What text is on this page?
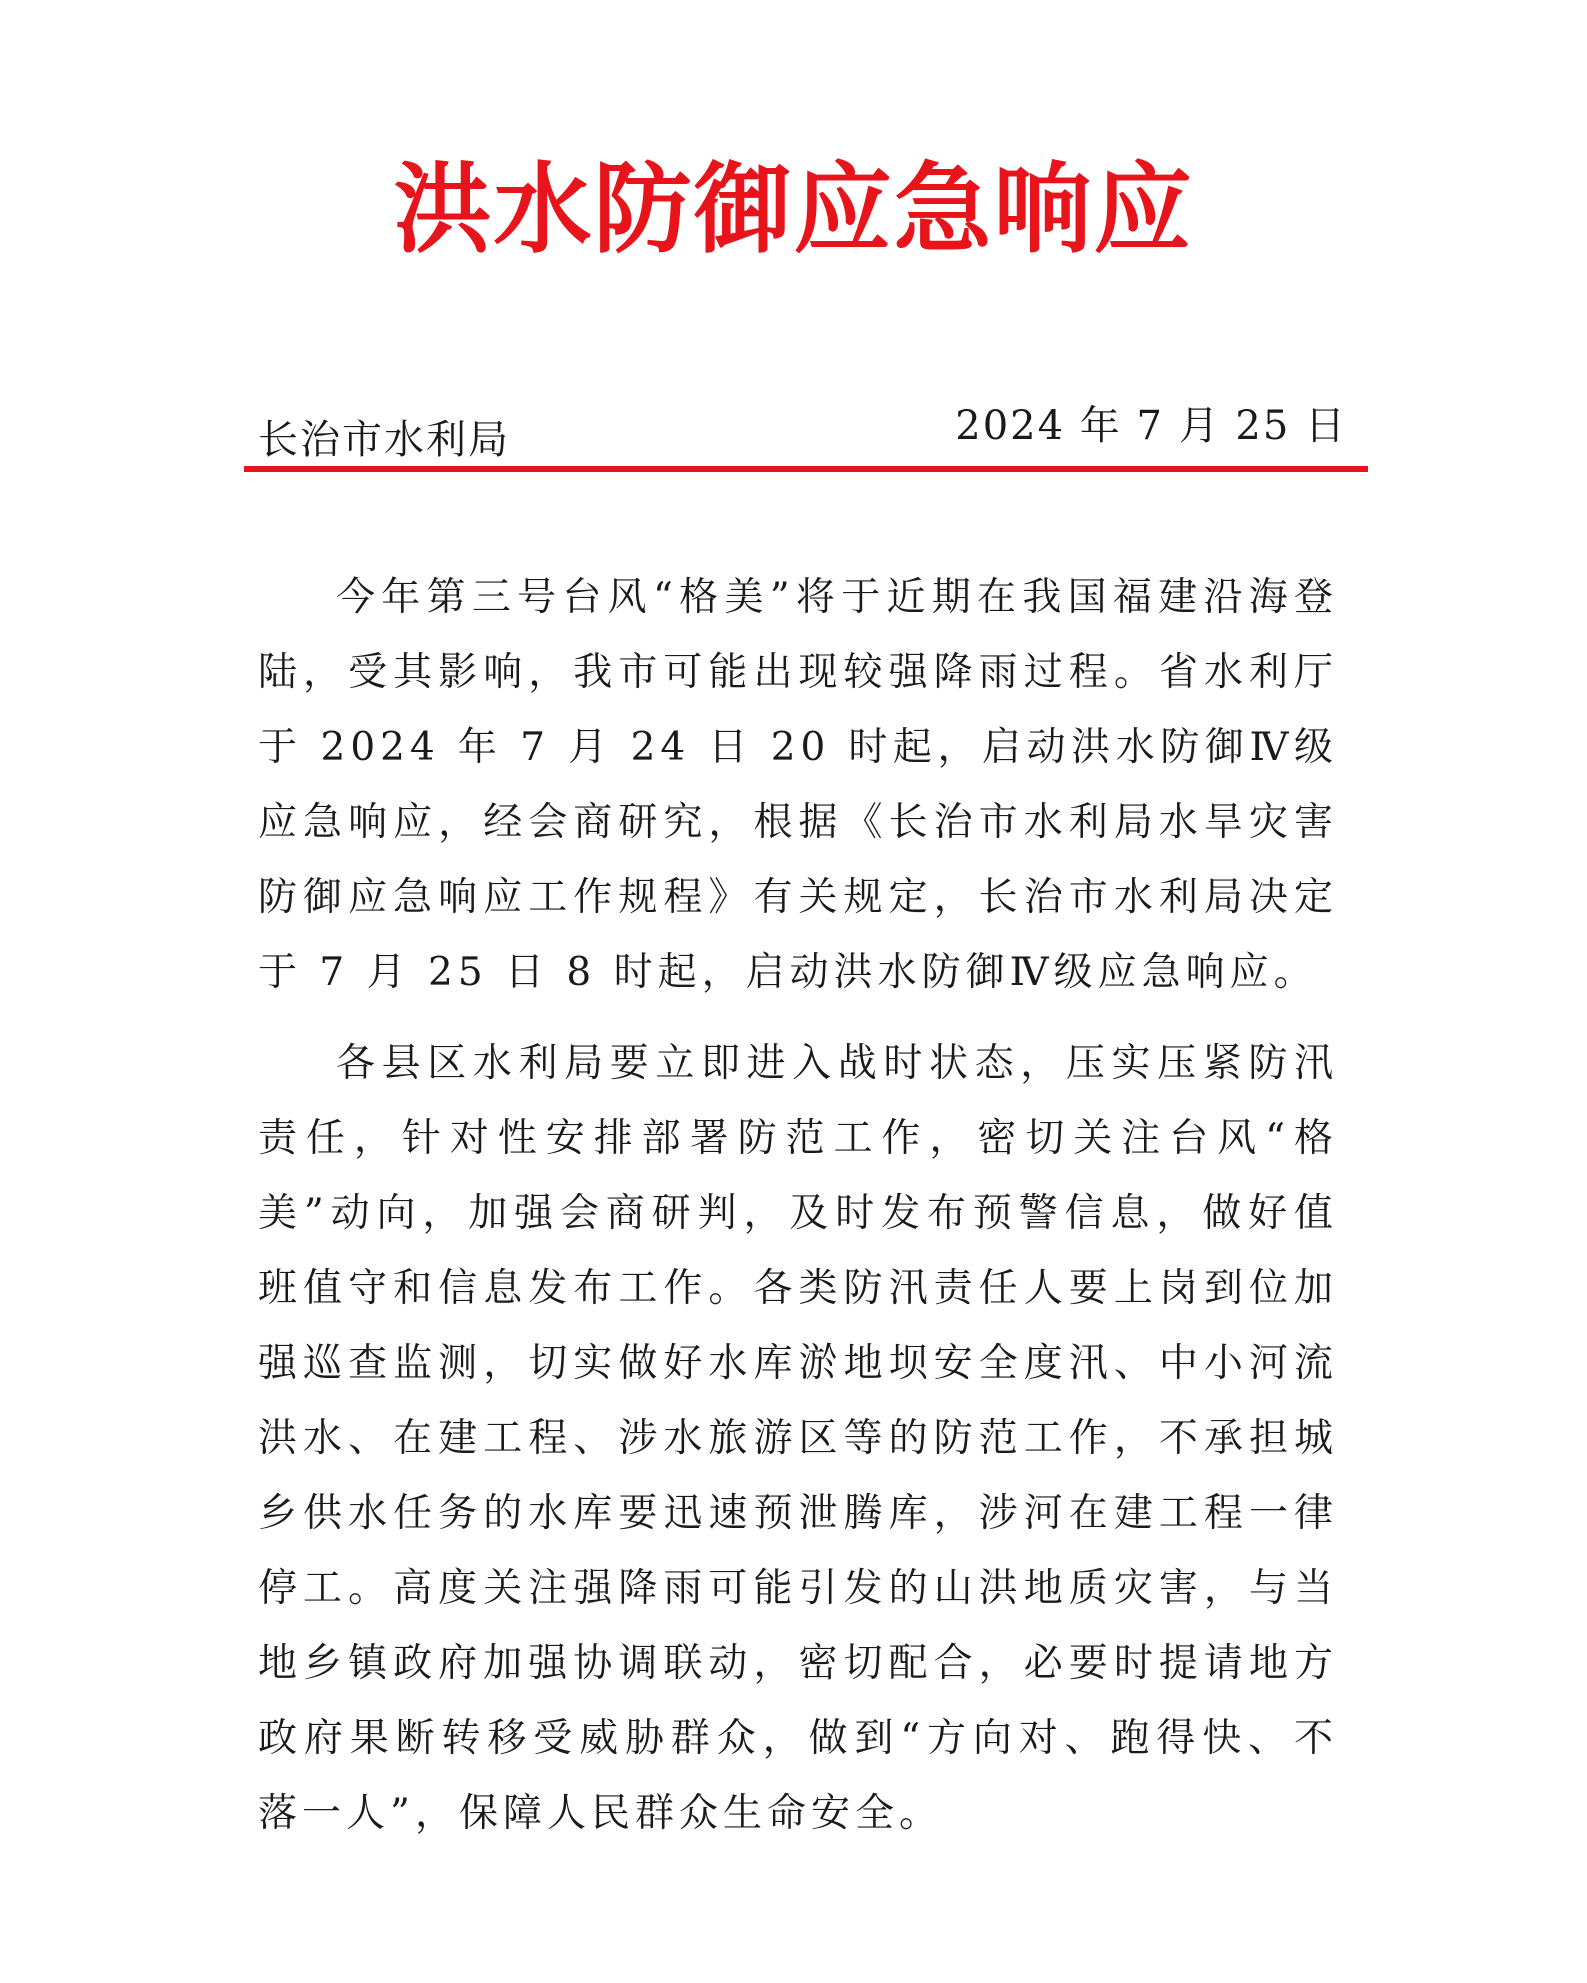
洪水防御应急响应
长治市水利局	2024 年 7 月 25 日

今年第三号台风“格美”将于近期在我国福建沿海登陆，受其影响，我市可能出现较强降雨过程。省水利厅于 2024 年 7 月 24 日 20 时起，启动洪水防御Ⅳ级应急响应，经会商研究，根据《长治市水利局水旱灾害防御应急响应工作规程》有关规定，长治市水利局决定于 7 月 25 日 8 时起，启动洪水防御Ⅳ级应急响应。

各县区水利局要立即进入战时状态，压实压紧防汛责任，针对性安排部署防范工作，密切关注台风“格美”动向，加强会商研判，及时发布预警信息，做好值班值守和信息发布工作。各类防汛责任人要上岗到位加强巡查监测，切实做好水库淤地坝安全度汛、中小河流洪水、在建工程、涉水旅游区等的防范工作，不承担城乡供水任务的水库要迅速预泄腾库，涉河在建工程一律停工。高度关注强降雨可能引发的山洪地质灾害，与当地乡镇政府加强协调联动，密切配合，必要时提请地方政府果断转移受威胁群众，做到“方向对、跑得快、不落一人”，保障人民群众生命安全。
